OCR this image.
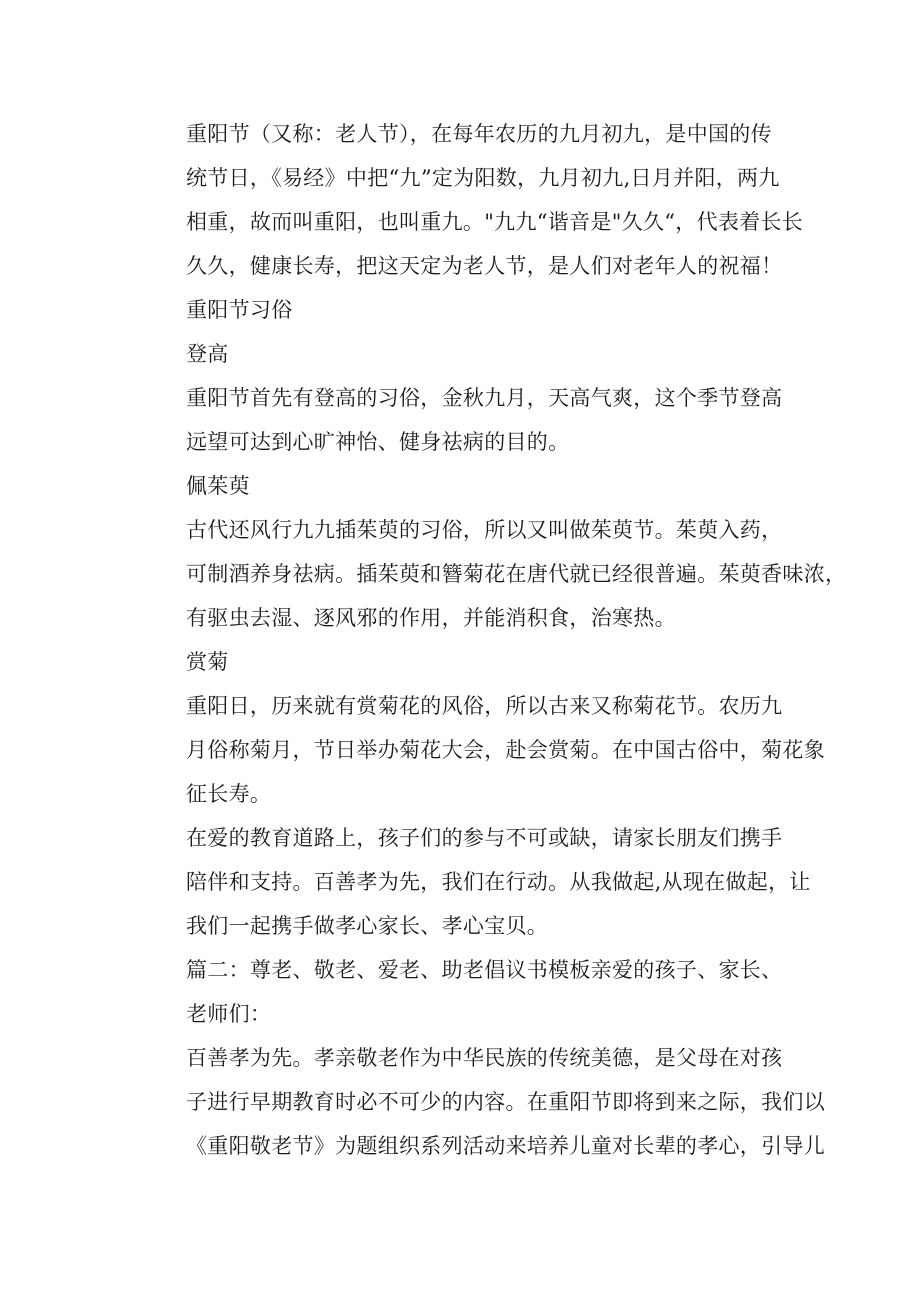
重阳节（又称：老人节），在每年农历的九月初九，是中国的传
统节日，《易经》中把“九”定为阳数，九月初九,日月并阳，两九
相重，故而叫重阳，也叫重九。"九九“谐音是"久久“，代表着长长
久久，健康长寿，把这天定为老人节，是人们对老年人的祝福！

重阳节习俗

登高

重阳节首先有登高的习俗，金秋九月，天高气爽，这个季节登高
远望可达到心旷神怡、健身祛病的目的。

佩茱萸

古代还风行九九插茱萸的习俗，所以又叫做茱萸节。茱萸入药，
可制酒养身祛病。插茱萸和簪菊花在唐代就已经很普遍。茱萸香味浓，
有驱虫去湿、逐风邪的作用，并能消积食，治寒热。

赏菊

重阳日，历来就有赏菊花的风俗，所以古来又称菊花节。农历九
月俗称菊月，节日举办菊花大会，赴会赏菊。在中国古俗中，菊花象
征长寿。

在爱的教育道路上，孩子们的参与不可或缺，请家长朋友们携手
陪伴和支持。百善孝为先，我们在行动。从我做起,从现在做起，让
我们一起携手做孝心家长、孝心宝贝。

篇二：尊老、敬老、爱老、助老倡议书模板亲爱的孩子、家长、
老师们：

百善孝为先。孝亲敬老作为中华民族的传统美德，是父母在对孩
子进行早期教育时必不可少的内容。在重阳节即将到来之际，我们以
《重阳敬老节》为题组织系列活动来培养儿童对长辈的孝心，引导儿
